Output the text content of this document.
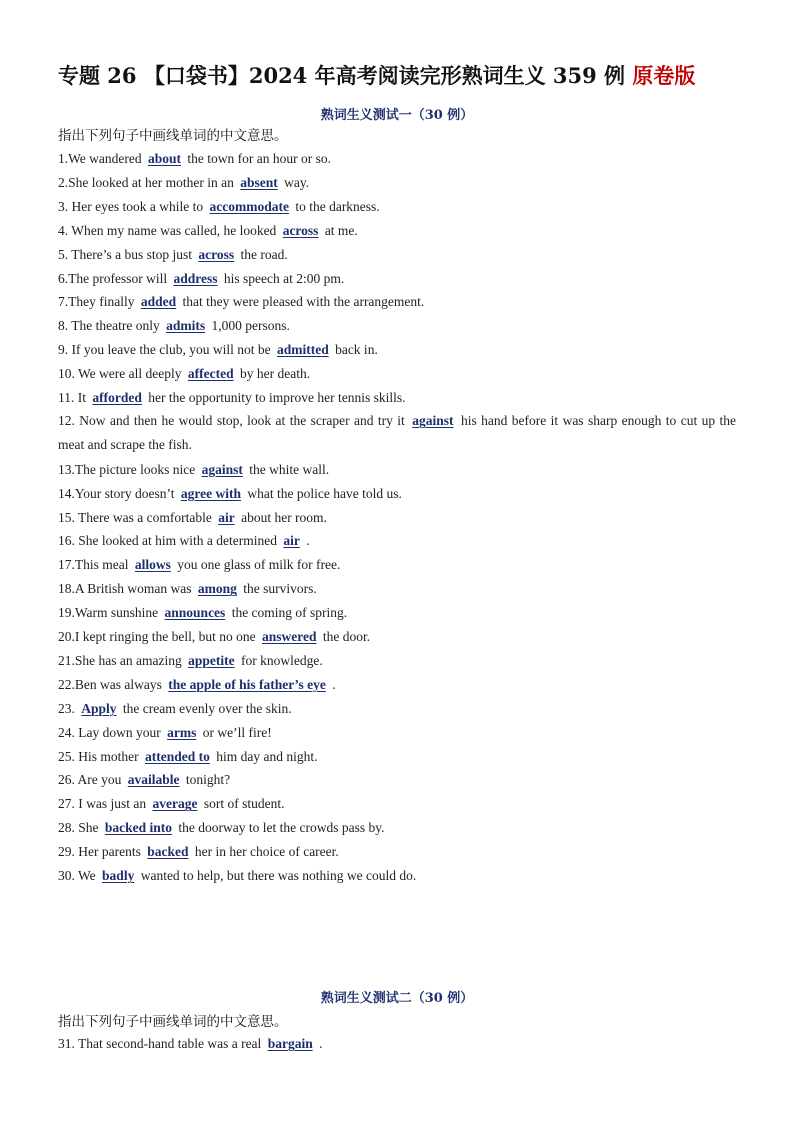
专题 26 【口袋书】2024 年高考阅读完形熟词生义 359 例 原卷版
熟词生义测试一（30 例）
指出下列句子中画线单词的中文意思。
1.We wandered about the town for an hour or so.
2.She looked at her mother in an absent way.
3. Her eyes took a while to accommodate to the darkness.
4. When my name was called, he looked across at me.
5. There’s a bus stop just across the road.
6.The professor will address his speech at 2:00 pm.
7.They finally added that they were pleased with the arrangement.
8. The theatre only admits 1,000 persons.
9. If you leave the club, you will not be admitted back in.
10. We were all deeply affected by her death.
11. It afforded her the opportunity to improve her tennis skills.
12. Now and then he would stop, look at the scraper and try it against his hand before it was sharp enough to cut up the meat and scrape the fish.
13.The picture looks nice against the white wall.
14.Your story doesn’t agree with what the police have told us.
15. There was a comfortable air about her room.
16. She looked at him with a determined air .
17.This meal allows you one glass of milk for free.
18.A British woman was among the survivors.
19.Warm sunshine announces the coming of spring.
20.I kept ringing the bell, but no one answered the door.
21.She has an amazing appetite for knowledge.
22.Ben was always the apple of his father’s eye .
23. Apply the cream evenly over the skin.
24. Lay down your arms or we’ll fire!
25. His mother attended to him day and night.
26. Are you available tonight?
27. I was just an average sort of student.
28. She backed into the doorway to let the crowds pass by.
29. Her parents backed her in her choice of career.
30. We badly wanted to help, but there was nothing we could do.
熟词生义测试二（30 例）
指出下列句子中画线单词的中文意思。
31. That second-hand table was a real bargain .
